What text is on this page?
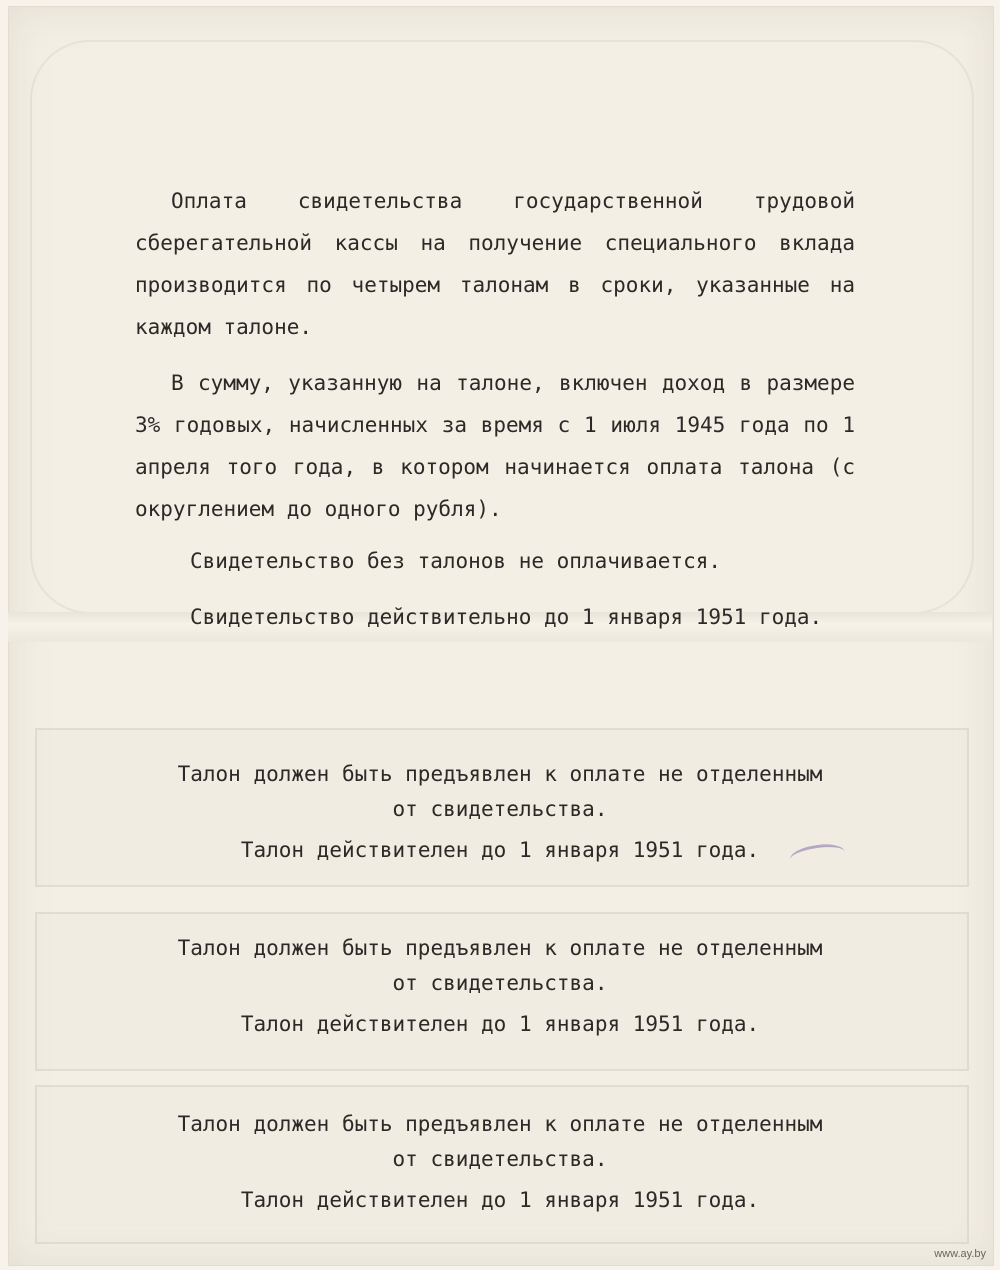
Оплата свидетельства государственной трудовой сберегательной кассы на получение специального вклада производится по четырем талонам в сроки, указанные на каждом талоне.
В сумму, указанную на талоне, включен доход в размере 3% годовых, начисленных за время с 1 июля 1945 года по 1 апреля того года, в котором начинается оплата талона (с округлением до одного рубля).
Свидетельство без талонов не оплачивается.
Свидетельство действительно до 1 января 1951 года.
Талон должен быть предъявлен к оплате не отделенным
от свидетельства.
Талон действителен до 1 января 1951 года.
Талон должен быть предъявлен к оплате не отделенным
от свидетельства.
Талон действителен до 1 января 1951 года.
Талон должен быть предъявлен к оплате не отделенным
от свидетельства.
Талон действителен до 1 января 1951 года.
www.ay.by
